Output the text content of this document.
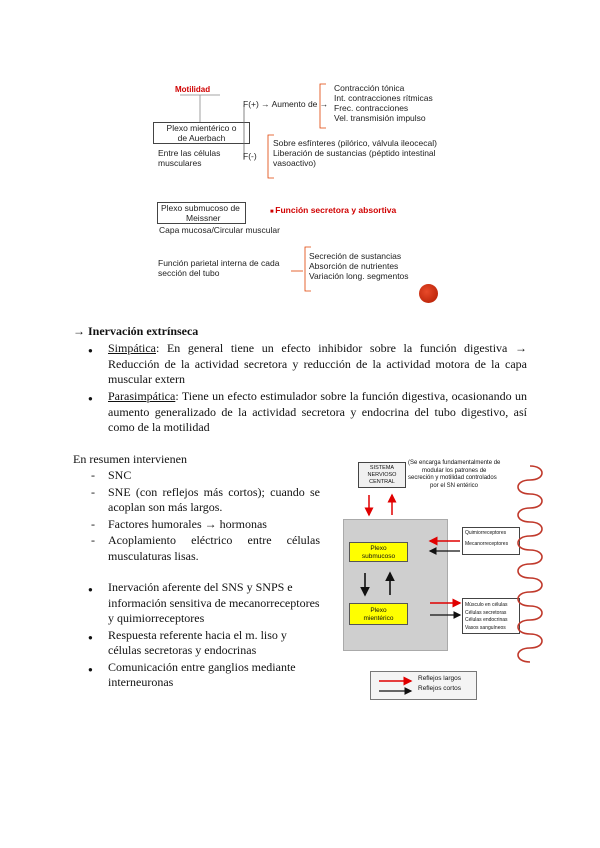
Motilidad
Plexo mientérico o
de Auerbach
Entre las células
musculares
F(+) → Aumento de →
Contracción tónica
Int. contracciones rítmicas
Frec. contracciones
Vel. transmisión impulso
F(-)
Sobre esfínteres (pilórico, válvula ileocecal)
Liberación de sustancias (péptido intestinal
vasoactivo)
Plexo submucoso de
Meissner
■ Función secretora y absortiva
Capa mucosa/Circular muscular
Función parietal interna de cada
sección del tubo
Secreción de sustancias
Absorción de nutrientes
Variación long. segmentos
→ Inervación extrínseca
Simpática: En general tiene un efecto inhibidor sobre la función digestiva → Reducción de la actividad secretora y reducción de la actividad motora de la capa muscular extern
Parasimpática: Tiene un efecto estimulador sobre la función digestiva, ocasionando un aumento generalizado de la actividad secretora y endocrina del tubo digestivo, así como de la motilidad
En resumen intervienen
- SNC
- SNE (con reflejos más cortos); cuando se acoplan son más largos.
- Factores humorales → hormonas
- Acoplamiento eléctrico entre células musculaturas lisas.
● Inervación aferente del SNS y SNPS e información sensitiva de mecanorreceptores y quimiorreceptores
● Respuesta referente hacia el m. liso y células secretoras y endocrinas
● Comunicación entre ganglios mediante interneuronas
SISTEMA
NERVIOSO
CENTRAL
(Se encarga fundamentalmente de
modular los patrones de
secreción y motilidad controlados
por el SN entérico
Plexo
submucoso
Plexo
mientérico
Quimiorreceptores
Mecanorreceptores
Músculo en células
Células secretoras
Células endocrinas
Vasos sanguíneos
Reflejos largos
Reflejos cortos
